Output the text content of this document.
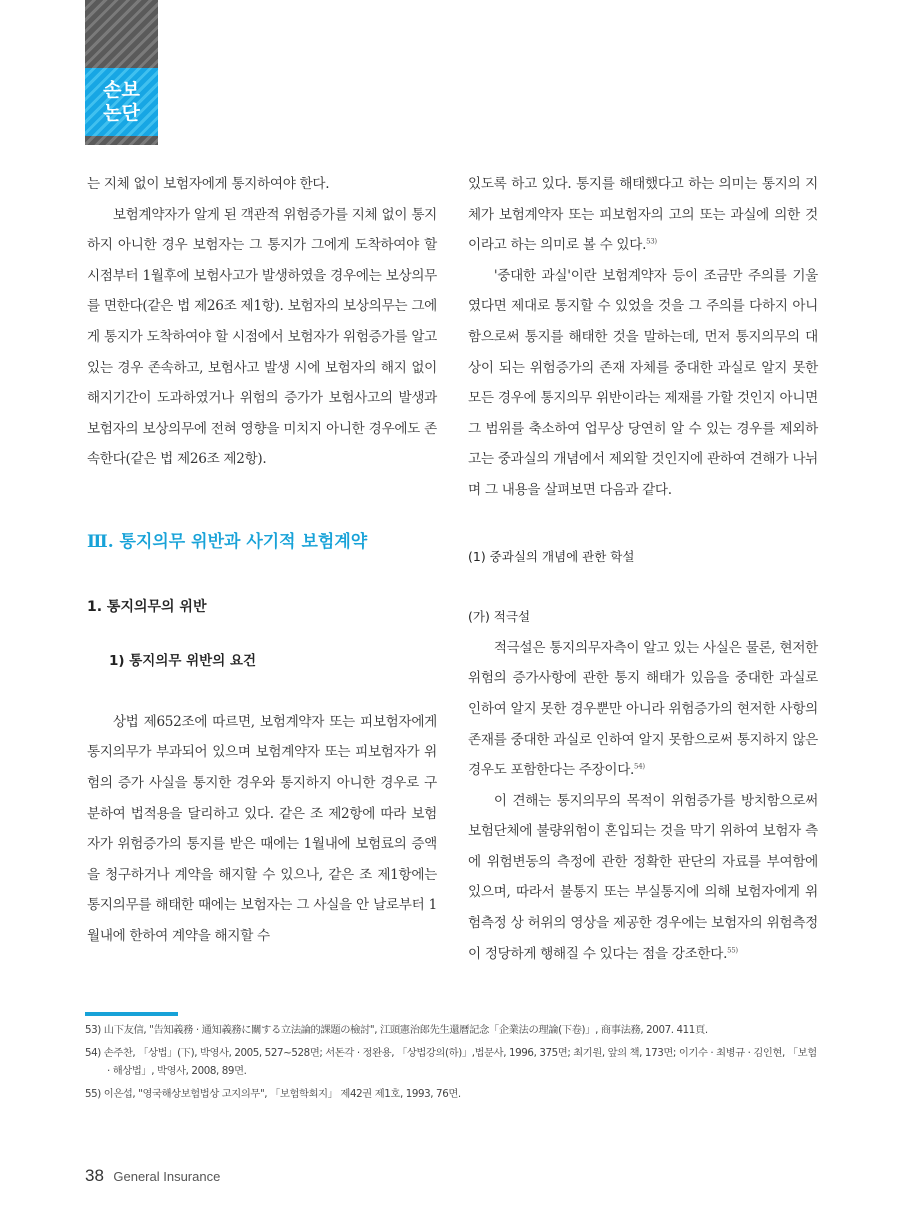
손보
논단

는 지체 없이 보험자에게 통지하여야 한다.

보험계약자가 알게 된 객관적 위험증가를 지체 없이 통지하지 아니한 경우 보험자는 그 통지가 그에게 도착하여야 할 시점부터 1월후에 보험사고가 발생하였을 경우에는 보상의무를 면한다(같은 법 제26조 제1항). 보험자의 보상의무는 그에게 통지가 도착하여야 할 시점에서 보험자가 위험증가를 알고 있는 경우 존속하고, 보험사고 발생 시에 보험자의 해지 없이 해지기간이 도과하였거나 위험의 증가가 보험사고의 발생과 보험자의 보상의무에 전혀 영향을 미치지 아니한 경우에도 존속한다(같은 법 제26조 제2항).

Ⅲ. 통지의무 위반과 사기적 보험계약
1. 통지의무의 위반
1) 통지의무 위반의 요건

상법 제652조에 따르면, 보험계약자 또는 피보험자에게 통지의무가 부과되어 있으며 보험계약자 또는 피보험자가 위험의 증가 사실을 통지한 경우와 통지하지 아니한 경우로 구분하여 법적용을 달리하고 있다. 같은 조 제2항에 따라 보험자가 위험증가의 통지를 받은 때에는 1월내에 보험료의 증액을 청구하거나 계약을 해지할 수 있으나, 같은 조 제1항에는 통지의무를 해태한 때에는 보험자는 그 사실을 안 날로부터 1월내에 한하여 계약을 해지할 수

있도록 하고 있다. 통지를 해태했다고 하는 의미는 통지의 지체가 보험계약자 또는 피보험자의 고의 또는 과실에 의한 것이라고 하는 의미로 볼 수 있다.$^{53)}$

'중대한 과실'이란 보험계약자 등이 조금만 주의를 기울였다면 제대로 통지할 수 있었을 것을 그 주의를 다하지 아니함으로써 통지를 해태한 것을 말하는데, 먼저 통지의무의 대상이 되는 위험증가의 존재 자체를 중대한 과실로 알지 못한 모든 경우에 통지의무 위반이라는 제재를 가할 것인지 아니면 그 범위를 축소하여 업무상 당연히 알 수 있는 경우를 제외하고는 중과실의 개념에서 제외할 것인지에 관하여 견해가 나뉘며 그 내용을 살펴보면 다음과 같다.

(1) 중과실의 개념에 관한 학설
(가) 적극설

적극설은 통지의무자측이 알고 있는 사실은 물론, 현저한 위험의 증가사항에 관한 통지 해태가 있음을 중대한 과실로 인하여 알지 못한 경우뿐만 아니라 위험증가의 현저한 사항의 존재를 중대한 과실로 인하여 알지 못함으로써 통지하지 않은 경우도 포함한다는 주장이다.$^{54)}$

이 견해는 통지의무의 목적이 위험증가를 방치함으로써 보험단체에 불량위험이 혼입되는 것을 막기 위하여 보험자 측에 위험변동의 측정에 관한 정확한 판단의 자료를 부여함에 있으며, 따라서 불통지 또는 부실통지에 의해 보험자에게 위험측정 상 허위의 영상을 제공한 경우에는 보험자의 위험측정이 정당하게 행해질 수 있다는 점을 강조한다.$^{55)}$

53) 山下友信, "告知義務 · 通知義務に關する立法論的課題の檢討", 江頭憲治郎先生還曆記念「企業法の理論(下卷)」, 商事法務, 2007. 411頁.
54) 손주찬, 「상법」(下), 박영사, 2005, 527~528면; 서돈각 · 정완용, 「상법강의(하)」,법문사, 1996, 375면; 최기원, 앞의 책, 173면; 이기수 · 최병규 · 김인현, 「보험 · 해상법」, 박영사, 2008, 89면.
55) 이은섭, "영국해상보험법상 고지의무", 「보험학회지」 제42권 제1호, 1993, 76면.
38 General Insurance
